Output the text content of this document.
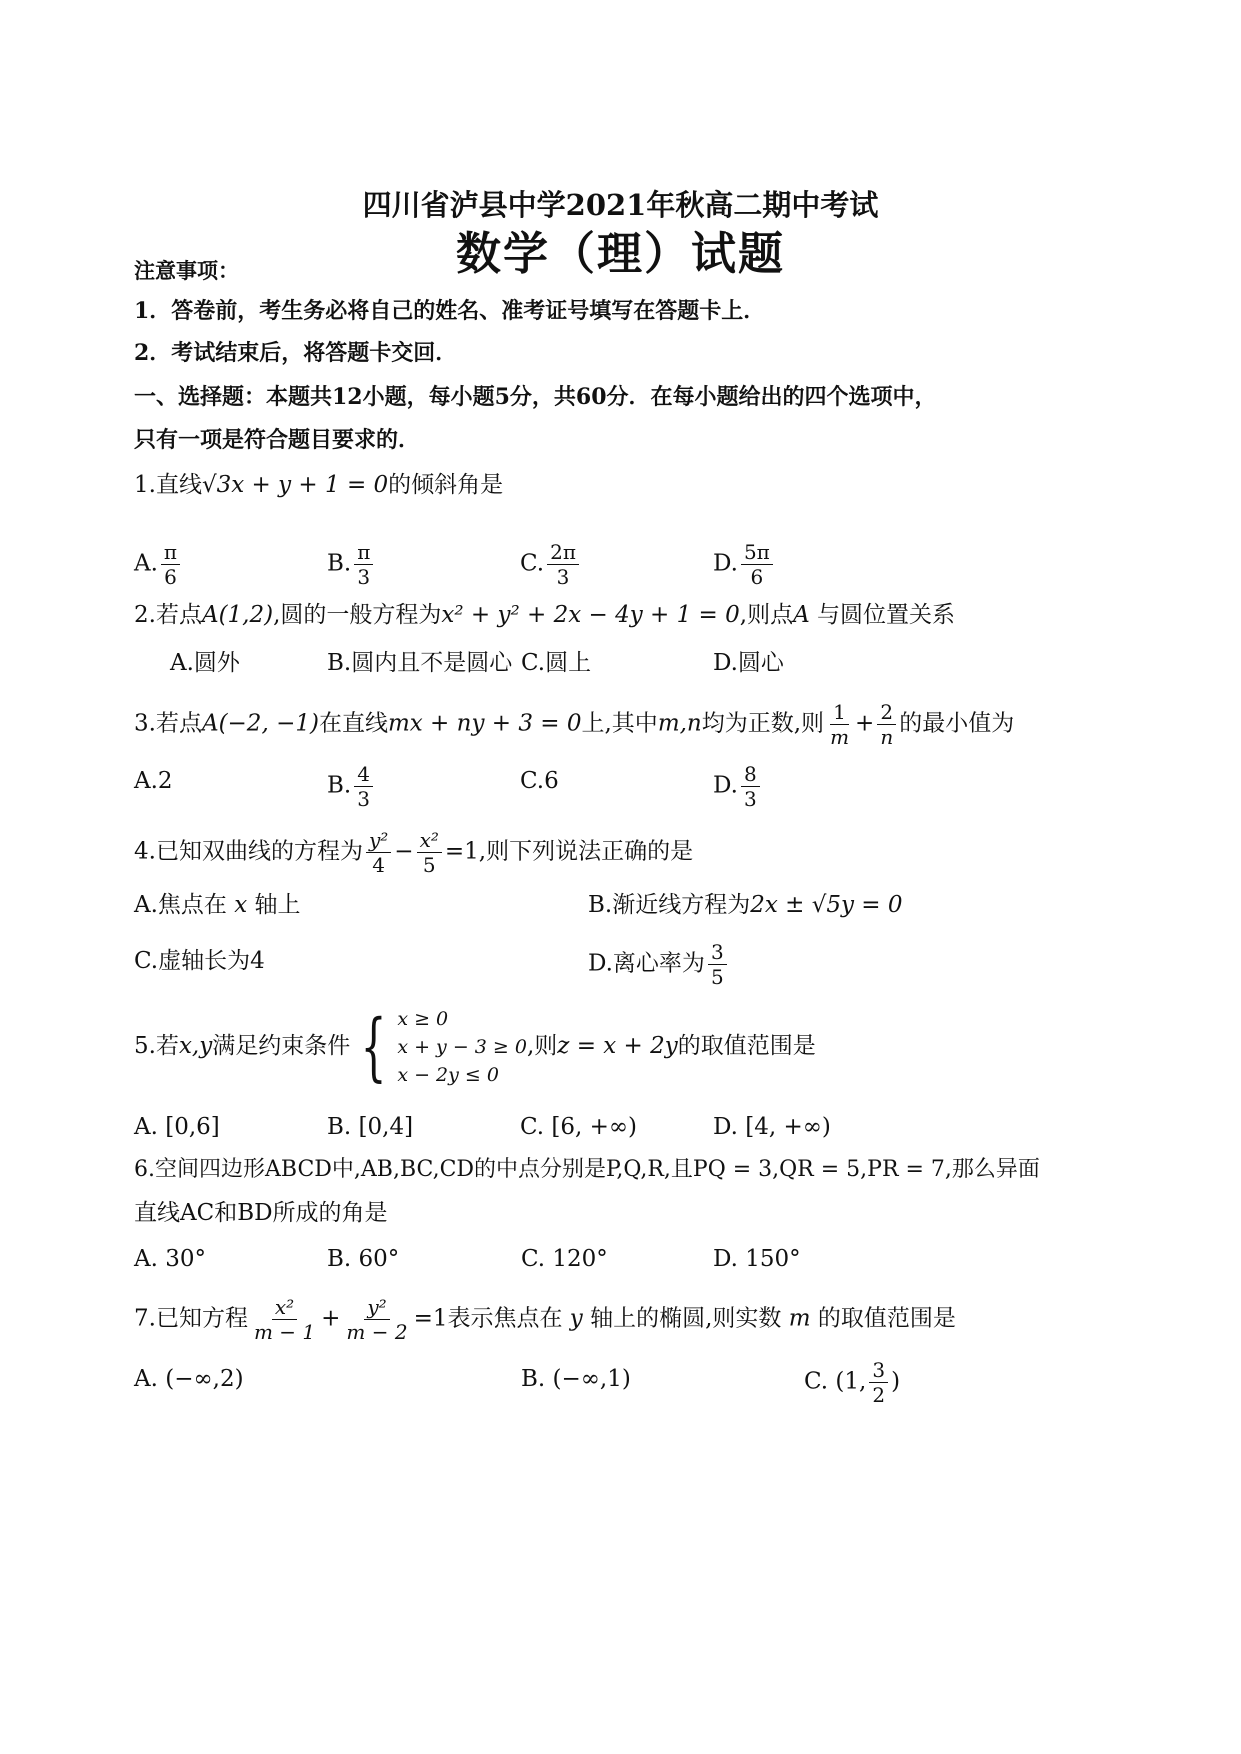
四川省泸县中学2021年秋高二期中考试
数学（理）试题
注意事项：
1．答卷前，考生务必将自己的姓名、准考证号填写在答题卡上．
2．考试结束后，将答题卡交回．
一、选择题：本题共12小题，每小题5分，共60分．在每小题给出的四个选项中，
只有一项是符合题目要求的．
1.直线√3x + y + 1 = 0的倾斜角是
A. $\frac{\pi}{6}$	B. $\frac{\pi}{3}$	C. $\frac{2\pi}{3}$	D. $\frac{5\pi}{6}$
2.若点A(1,2),圆的一般方程为x² + y² + 2x − 4y + 1 = 0,则点A 与圆位置关系
A.圆外	B.圆内且不是圆心 C.圆上	D.圆心
3.若点A(−2, −1)在直线mx + ny + 3 = 0上,其中m,n均为正数,则 $\frac{1}{m} + \frac{2}{n}$ 的最小值为
A.2	B. $\frac{4}{3}$	C.6	D. $\frac{8}{3}$
4.已知双曲线的方程为 $\frac{\text{y²}}{4} - \frac{\text{x²}}{5} =1$,则下列说法正确的是
A.焦点在 x 轴上	B.渐近线方程为2x ± √5y = 0
C.虚轴长为4	D.离心率为 $\frac{3}{5}$
5.若x,y满足约束条件 { x ≥ 0
x + y − 3 ≥ 0
x − 2y ≤ 0
,则z = x + 2y的取值范围是
A. [0,6]	B. [0,4]	C. [6, +∞)	D. [4, +∞)
6.空间四边形ABCD中,AB,BC,CD的中点分别是P,Q,R,且PQ = 3,QR = 5,PR = 7,那么异面
直线AC和BD所成的角是
A. 30°	B. 60°	C. 120°	D. 150°
7.已知方程 $\frac{\text{x²}}{m - 1} + \frac{\text{y²}}{m - 2} =1$表示焦点在 y 轴上的椭圆,则实数 m 的取值范围是
A. (−∞,2)	B. (−∞,1)	C. (1, $\frac{3}{2}$ )
